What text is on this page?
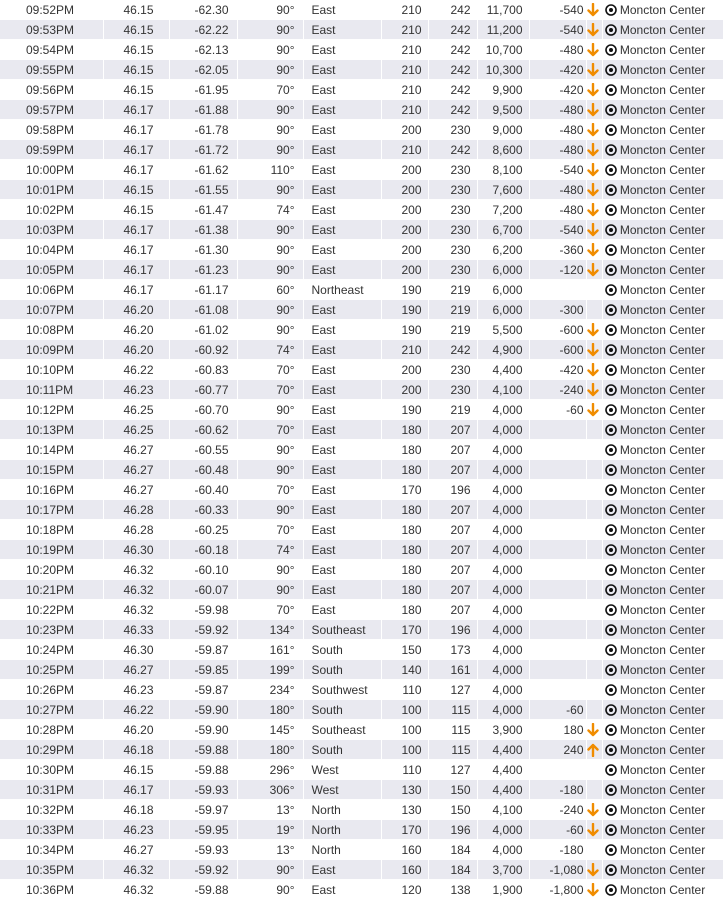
09:52PM	46.15	-62.30	90°	East	210	242	11,700	-540		Moncton Center
09:53PM	46.15	-62.22	90°	East	210	242	11,200	-540		Moncton Center
09:54PM	46.15	-62.13	90°	East	210	242	10,700	-480		Moncton Center
09:55PM	46.15	-62.05	90°	East	210	242	10,300	-420		Moncton Center
09:56PM	46.15	-61.95	70°	East	210	242	9,900	-420		Moncton Center
09:57PM	46.17	-61.88	90°	East	210	242	9,500	-480		Moncton Center
09:58PM	46.17	-61.78	90°	East	200	230	9,000	-480		Moncton Center
09:59PM	46.17	-61.72	90°	East	210	242	8,600	-480		Moncton Center
10:00PM	46.17	-61.62	110°	East	200	230	8,100	-540		Moncton Center
10:01PM	46.15	-61.55	90°	East	200	230	7,600	-480		Moncton Center
10:02PM	46.15	-61.47	74°	East	200	230	7,200	-480		Moncton Center
10:03PM	46.17	-61.38	90°	East	200	230	6,700	-540		Moncton Center
10:04PM	46.17	-61.30	90°	East	200	230	6,200	-360		Moncton Center
10:05PM	46.17	-61.23	90°	East	200	230	6,000	-120		Moncton Center
10:06PM	46.17	-61.17	60°	Northeast	190	219	6,000			Moncton Center
10:07PM	46.20	-61.08	90°	East	190	219	6,000	-300		Moncton Center
10:08PM	46.20	-61.02	90°	East	190	219	5,500	-600		Moncton Center
10:09PM	46.20	-60.92	74°	East	210	242	4,900	-600		Moncton Center
10:10PM	46.22	-60.83	70°	East	200	230	4,400	-420		Moncton Center
10:11PM	46.23	-60.77	70°	East	200	230	4,100	-240		Moncton Center
10:12PM	46.25	-60.70	90°	East	190	219	4,000	-60		Moncton Center
10:13PM	46.25	-60.62	70°	East	180	207	4,000			Moncton Center
10:14PM	46.27	-60.55	90°	East	180	207	4,000			Moncton Center
10:15PM	46.27	-60.48	90°	East	180	207	4,000			Moncton Center
10:16PM	46.27	-60.40	70°	East	170	196	4,000			Moncton Center
10:17PM	46.28	-60.33	90°	East	180	207	4,000			Moncton Center
10:18PM	46.28	-60.25	70°	East	180	207	4,000			Moncton Center
10:19PM	46.30	-60.18	74°	East	180	207	4,000			Moncton Center
10:20PM	46.32	-60.10	90°	East	180	207	4,000			Moncton Center
10:21PM	46.32	-60.07	90°	East	180	207	4,000			Moncton Center
10:22PM	46.32	-59.98	70°	East	180	207	4,000			Moncton Center
10:23PM	46.33	-59.92	134°	Southeast	170	196	4,000			Moncton Center
10:24PM	46.30	-59.87	161°	South	150	173	4,000			Moncton Center
10:25PM	46.27	-59.85	199°	South	140	161	4,000			Moncton Center
10:26PM	46.23	-59.87	234°	Southwest	110	127	4,000			Moncton Center
10:27PM	46.22	-59.90	180°	South	100	115	4,000	-60		Moncton Center
10:28PM	46.20	-59.90	145°	Southeast	100	115	3,900	180		Moncton Center
10:29PM	46.18	-59.88	180°	South	100	115	4,400	240		Moncton Center
10:30PM	46.15	-59.88	296°	West	110	127	4,400			Moncton Center
10:31PM	46.17	-59.93	306°	West	130	150	4,400	-180		Moncton Center
10:32PM	46.18	-59.97	13°	North	130	150	4,100	-240		Moncton Center
10:33PM	46.23	-59.95	19°	North	170	196	4,000	-60		Moncton Center
10:34PM	46.27	-59.93	13°	North	160	184	4,000	-180		Moncton Center
10:35PM	46.32	-59.92	90°	East	160	184	3,700	-1,080		Moncton Center
10:36PM	46.32	-59.88	90°	East	120	138	1,900	-1,800		Moncton Center
